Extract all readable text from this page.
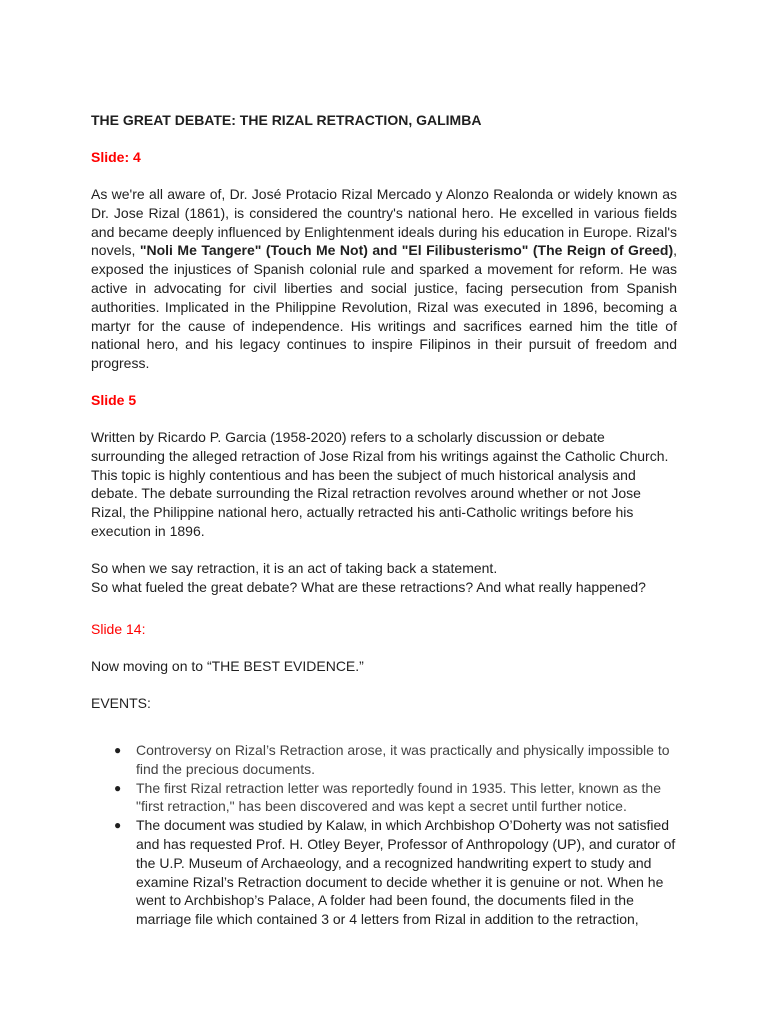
THE GREAT DEBATE: THE RIZAL RETRACTION, GALIMBA

Slide: 4

As we're all aware of, Dr. José Protacio Rizal Mercado y Alonzo Realonda or widely known as Dr. Jose Rizal (1861), is considered the country's national hero. He excelled in various fields and became deeply influenced by Enlightenment ideals during his education in Europe. Rizal's novels, "Noli Me Tangere" (Touch Me Not) and "El Filibusterismo" (The Reign of Greed), exposed the injustices of Spanish colonial rule and sparked a movement for reform. He was active in advocating for civil liberties and social justice, facing persecution from Spanish authorities. Implicated in the Philippine Revolution, Rizal was executed in 1896, becoming a martyr for the cause of independence. His writings and sacrifices earned him the title of national hero, and his legacy continues to inspire Filipinos in their pursuit of freedom and progress.

Slide 5

Written by Ricardo P. Garcia (1958-2020) refers to a scholarly discussion or debate surrounding the alleged retraction of Jose Rizal from his writings against the Catholic Church. This topic is highly contentious and has been the subject of much historical analysis and debate. The debate surrounding the Rizal retraction revolves around whether or not Jose Rizal, the Philippine national hero, actually retracted his anti-Catholic writings before his execution in 1896.

So when we say retraction, it is an act of taking back a statement.

So what fueled the great debate? What are these retractions? And what really happened?

Slide 14:

Now moving on to “THE BEST EVIDENCE.”

EVENTS:

● Controversy on Rizal’s Retraction arose, it was practically and physically impossible to find the precious documents.
● The first Rizal retraction letter was reportedly found in 1935. This letter, known as the "first retraction," has been discovered and was kept a secret until further notice.
● The document was studied by Kalaw, in which Archbishop O’Doherty was not satisfied and has requested Prof. H. Otley Beyer, Professor of Anthropology (UP), and curator of the U.P. Museum of Archaeology, and a recognized handwriting expert to study and examine Rizal’s Retraction document to decide whether it is genuine or not. When he went to Archbishop’s Palace, A folder had been found, the documents filed in the marriage file which contained 3 or 4 letters from Rizal in addition to the retraction,
